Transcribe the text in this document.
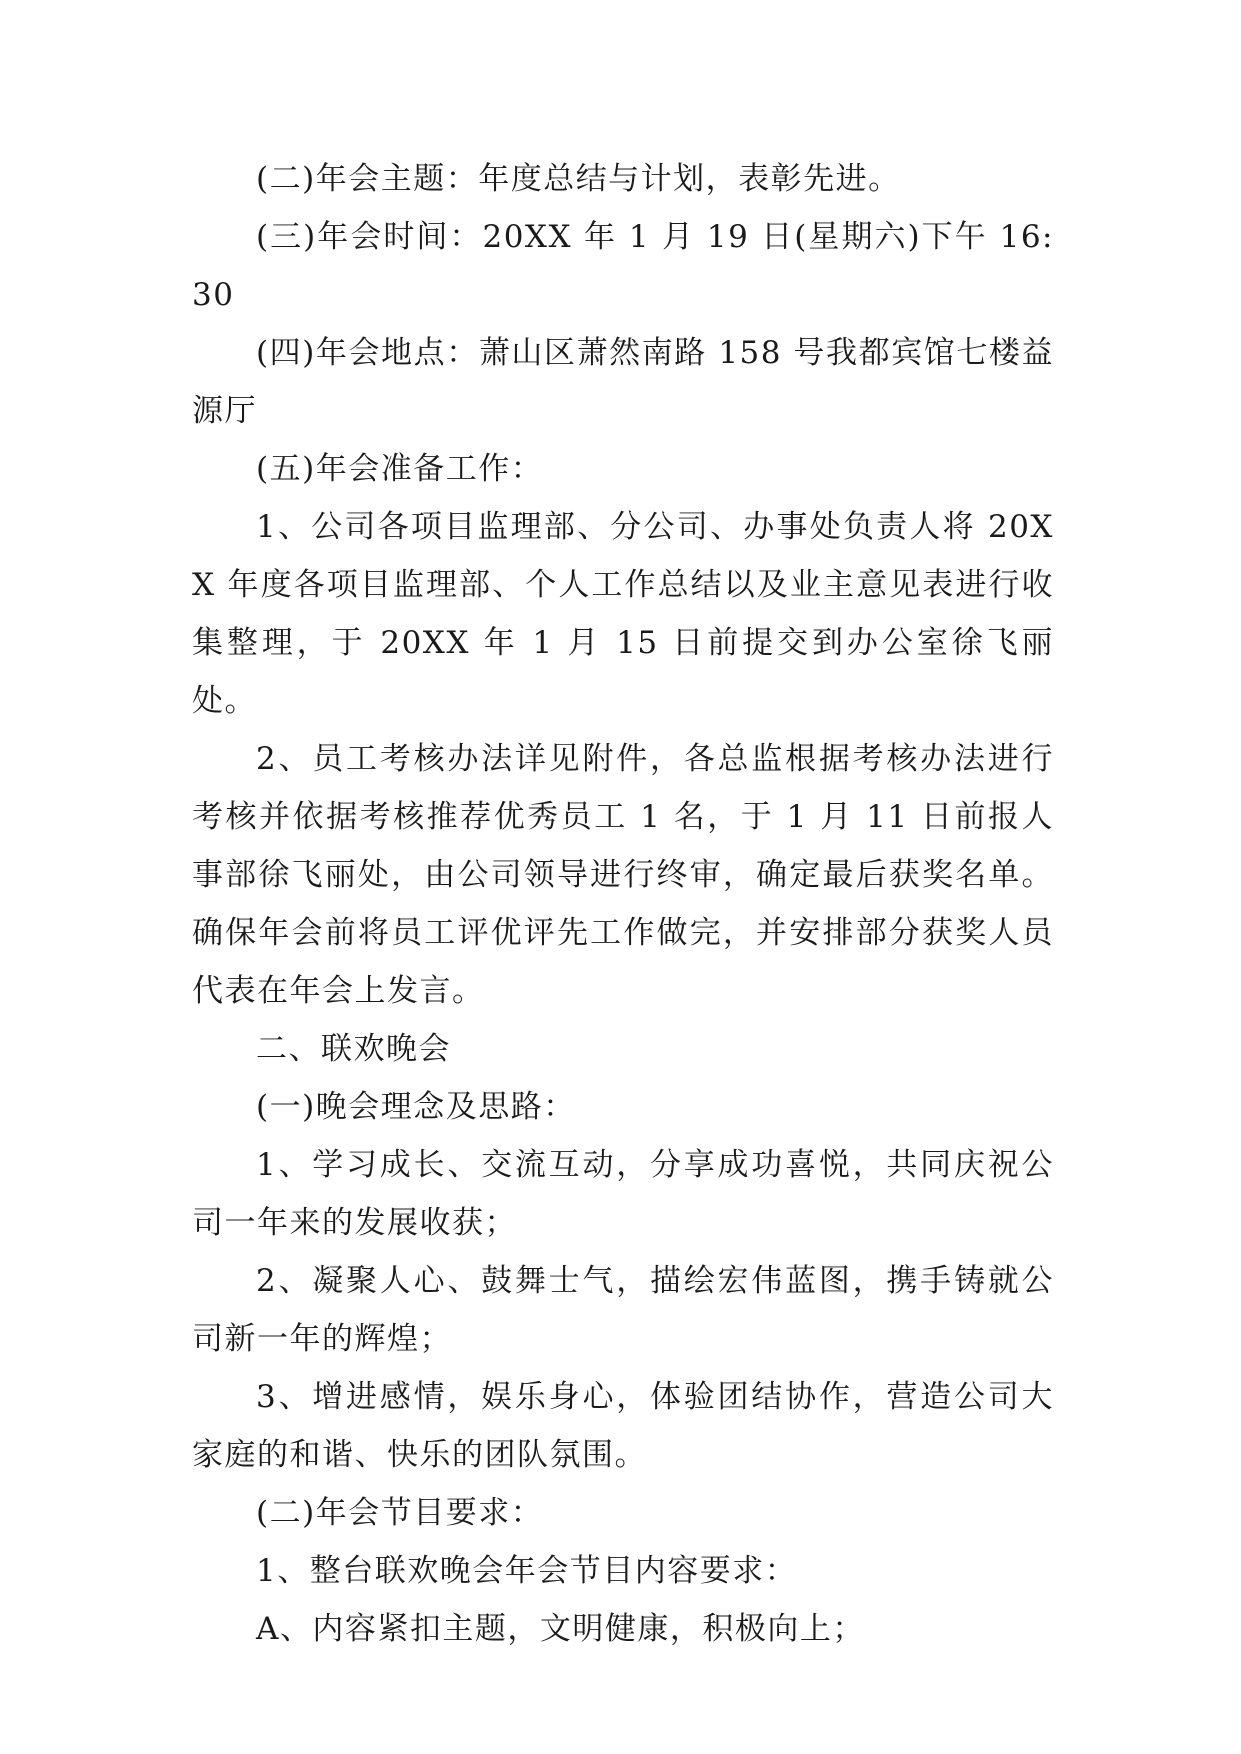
(二)年会主题：年度总结与计划，表彰先进。

(三)年会时间：20XX 年 1 月 19 日(星期六)下午 16:30

(四)年会地点：萧山区萧然南路 158 号我都宾馆七楼益源厅

(五)年会准备工作：

1、公司各项目监理部、分公司、办事处负责人将 20XX 年度各项目监理部、个人工作总结以及业主意见表进行收集整理，于 20XX 年 1 月 15 日前提交到办公室徐飞丽处。

2、员工考核办法详见附件，各总监根据考核办法进行考核并依据考核推荐优秀员工 1 名，于 1 月 11 日前报人事部徐飞丽处，由公司领导进行终审，确定最后获奖名单。确保年会前将员工评优评先工作做完，并安排部分获奖人员代表在年会上发言。

二、联欢晚会

(一)晚会理念及思路：

1、学习成长、交流互动，分享成功喜悦，共同庆祝公司一年来的发展收获；

2、凝聚人心、鼓舞士气，描绘宏伟蓝图，携手铸就公司新一年的辉煌；

3、增进感情，娱乐身心，体验团结协作，营造公司大家庭的和谐、快乐的团队氛围。

(二)年会节目要求：

1、整台联欢晚会年会节目内容要求：

A、内容紧扣主题，文明健康，积极向上；
